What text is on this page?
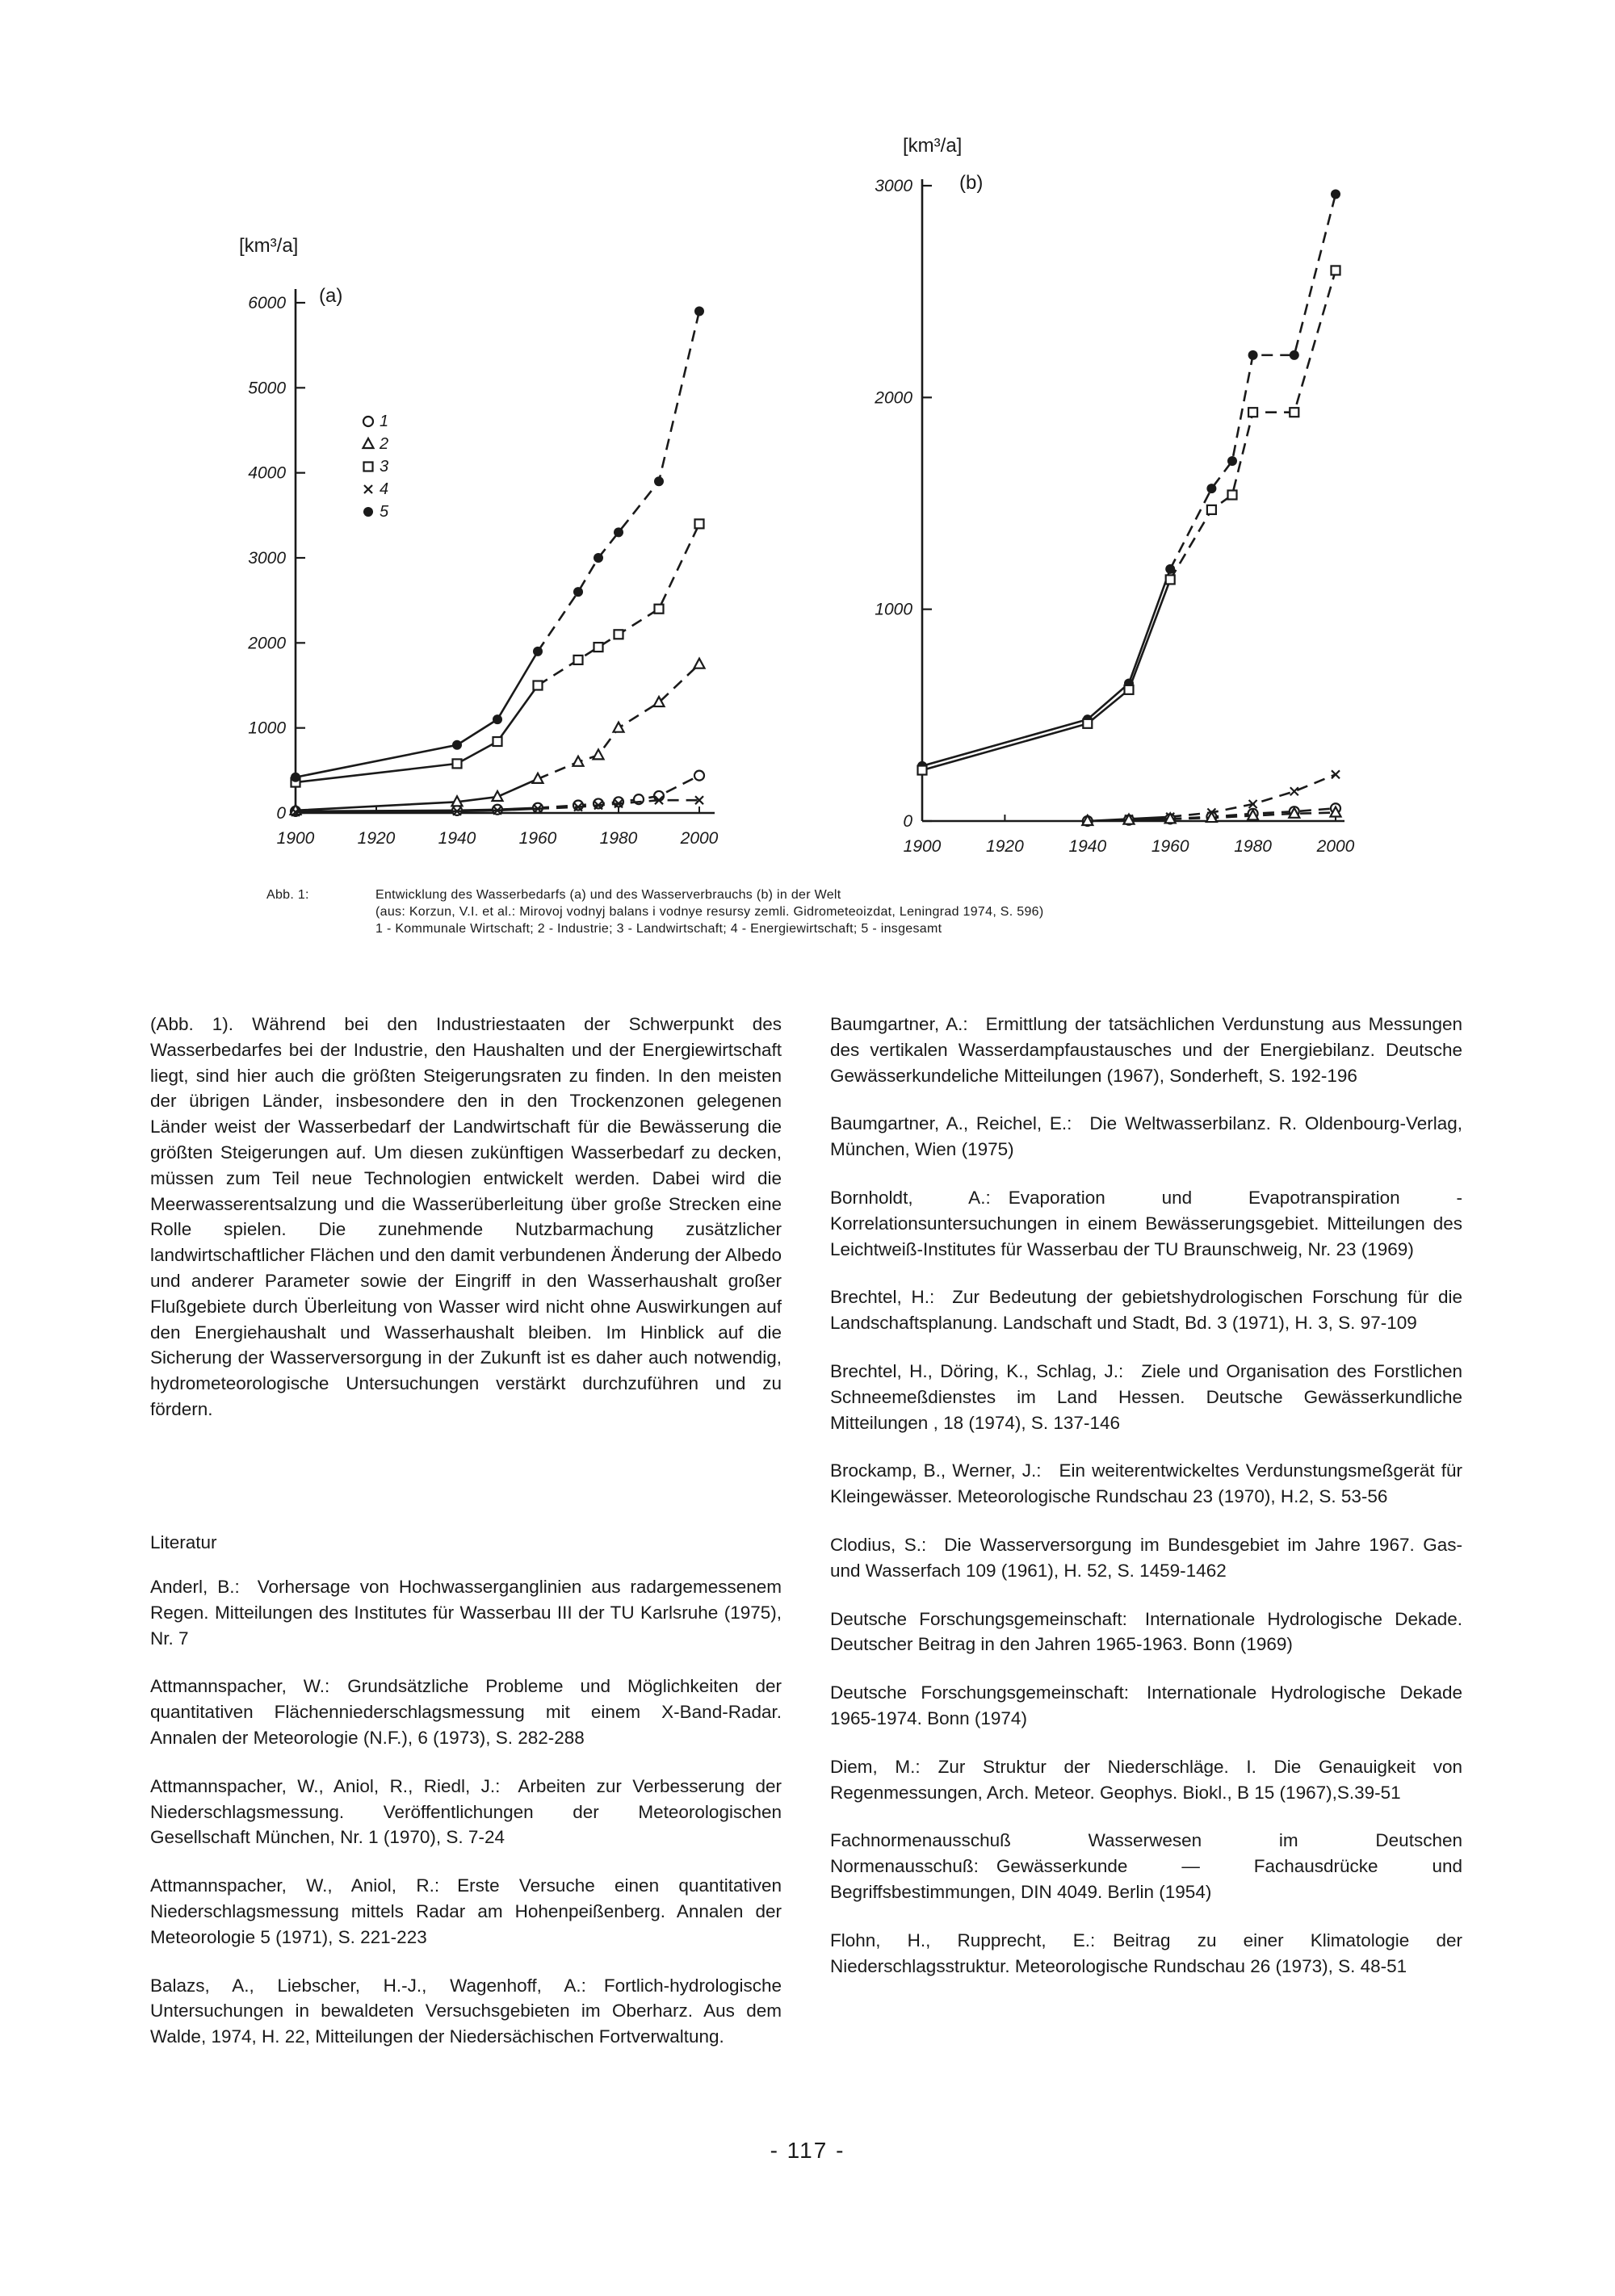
[km³/a]
(a)
1
2
3
4
5
6000
5000
4000
3000
2000
1000
0
1900	1920	1940	1960	1980	2000
[km³/a]
(b)
3000
2000
1000
0
1900	1920	1940	1960	1980	2000
Abb. 1:	Entwicklung des Wasserbedarfs (a) und des Wasserverbrauchs (b) in der Welt
(aus: Korzun, V.I. et al.: Mirovoj vodnyj balans i vodnye resursy zemli. Gidrometeoizdat, Leningrad 1974, S. 596)
1 - Kommunale Wirtschaft; 2 - Industrie; 3 - Landwirtschaft; 4 - Energiewirtschaft; 5 - insgesamt

(Abb. 1). Während bei den Industriestaaten der Schwerpunkt des Wasserbedarfes bei der Industrie, den Haushalten und der Energiewirtschaft liegt, sind hier auch die größten Steigerungsraten zu finden. In den meisten der übrigen Länder, insbesondere den in den Trockenzonen gelegenen Länder weist der Wasserbedarf der Landwirtschaft für die Bewässerung die größten Steigerungen auf. Um diesen zukünftigen Wasserbedarf zu decken, müssen zum Teil neue Technologien entwickelt werden. Dabei wird die Meerwasserentsalzung und die Wasserüberleitung über große Strecken eine Rolle spielen. Die zunehmende Nutzbarmachung zusätzlicher landwirtschaftlicher Flächen und den damit verbundenen Änderung der Albedo und anderer Parameter sowie der Eingriff in den Wasserhaushalt großer Flußgebiete durch Überleitung von Wasser wird nicht ohne Auswirkungen auf den Energiehaushalt und Wasserhaushalt bleiben. Im Hinblick auf die Sicherung der Wasserversorgung in der Zukunft ist es daher auch notwendig, hydrometeorologische Untersuchungen verstärkt durchzuführen und zu fördern.

Literatur
Anderl, B.: Vorhersage von Hochwasserganglinien aus radargemessenem Regen. Mitteilungen des Institutes für Wasserbau III der TU Karlsruhe (1975), Nr. 7
Attmannspacher, W.: Grundsätzliche Probleme und Möglichkeiten der quantitativen Flächenniederschlagsmessung mit einem X-Band-Radar. Annalen der Meteorologie (N.F.), 6 (1973), S. 282-288
Attmannspacher, W., Aniol, R., Riedl, J.: Arbeiten zur Verbesserung der Niederschlagsmessung. Veröffentlichungen der Meteorologischen Gesellschaft München, Nr. 1 (1970), S. 7-24
Attmannspacher, W., Aniol, R.: Erste Versuche einen quantitativen Niederschlagsmessung mittels Radar am Hohenpeißenberg. Annalen der Meteorologie 5 (1971), S. 221-223
Balazs, A., Liebscher, H.-J., Wagenhoff, A.: Fortlich-hydrologische Untersuchungen in bewaldeten Versuchsgebieten im Oberharz. Aus dem Walde, 1974, H. 22, Mitteilungen der Niedersächischen Fortverwaltung.
Baumgartner, A.: Ermittlung der tatsächlichen Verdunstung aus Messungen des vertikalen Wasserdampfaustausches und der Energiebilanz. Deutsche Gewässerkundeliche Mitteilungen (1967), Sonderheft, S. 192-196
Baumgartner, A., Reichel, E.: Die Weltwasserbilanz. R. Oldenbourg-Verlag, München, Wien (1975)
Bornholdt, A.: Evaporation und Evapotranspiration - Korrelationsuntersuchungen in einem Bewässerungsgebiet. Mitteilungen des Leichtweiß-Institutes für Wasserbau der TU Braunschweig, Nr. 23 (1969)
Brechtel, H.: Zur Bedeutung der gebietshydrologischen Forschung für die Landschaftsplanung. Landschaft und Stadt, Bd. 3 (1971), H. 3, S. 97-109
Brechtel, H., Döring, K., Schlag, J.: Ziele und Organisation des Forstlichen Schneemeßdienstes im Land Hessen. Deutsche Gewässerkundliche Mitteilungen , 18 (1974), S. 137-146
Brockamp, B., Werner, J.: Ein weiterentwickeltes Verdunstungsmeßgerät für Kleingewässer. Meteorologische Rundschau 23 (1970), H.2, S. 53-56
Clodius, S.: Die Wasserversorgung im Bundesgebiet im Jahre 1967. Gas- und Wasserfach 109 (1961), H. 52, S. 1459-1462
Deutsche Forschungsgemeinschaft: Internationale Hydrologische Dekade. Deutscher Beitrag in den Jahren 1965-1963. Bonn (1969)
Deutsche Forschungsgemeinschaft: Internationale Hydrologische Dekade 1965-1974. Bonn (1974)
Diem, M.: Zur Struktur der Niederschläge. I. Die Genauigkeit von Regenmessungen, Arch. Meteor. Geophys. Biokl., B 15 (1967),S.39-51
Fachnormenausschuß Wasserwesen im Deutschen Normenausschuß: Gewässerkunde — Fachausdrücke und Begriffsbestimmungen, DIN 4049. Berlin (1954)
Flohn, H., Rupprecht, E.: Beitrag zu einer Klimatologie der Niederschlagsstruktur. Meteorologische Rundschau 26 (1973), S. 48-51
- 117 -
